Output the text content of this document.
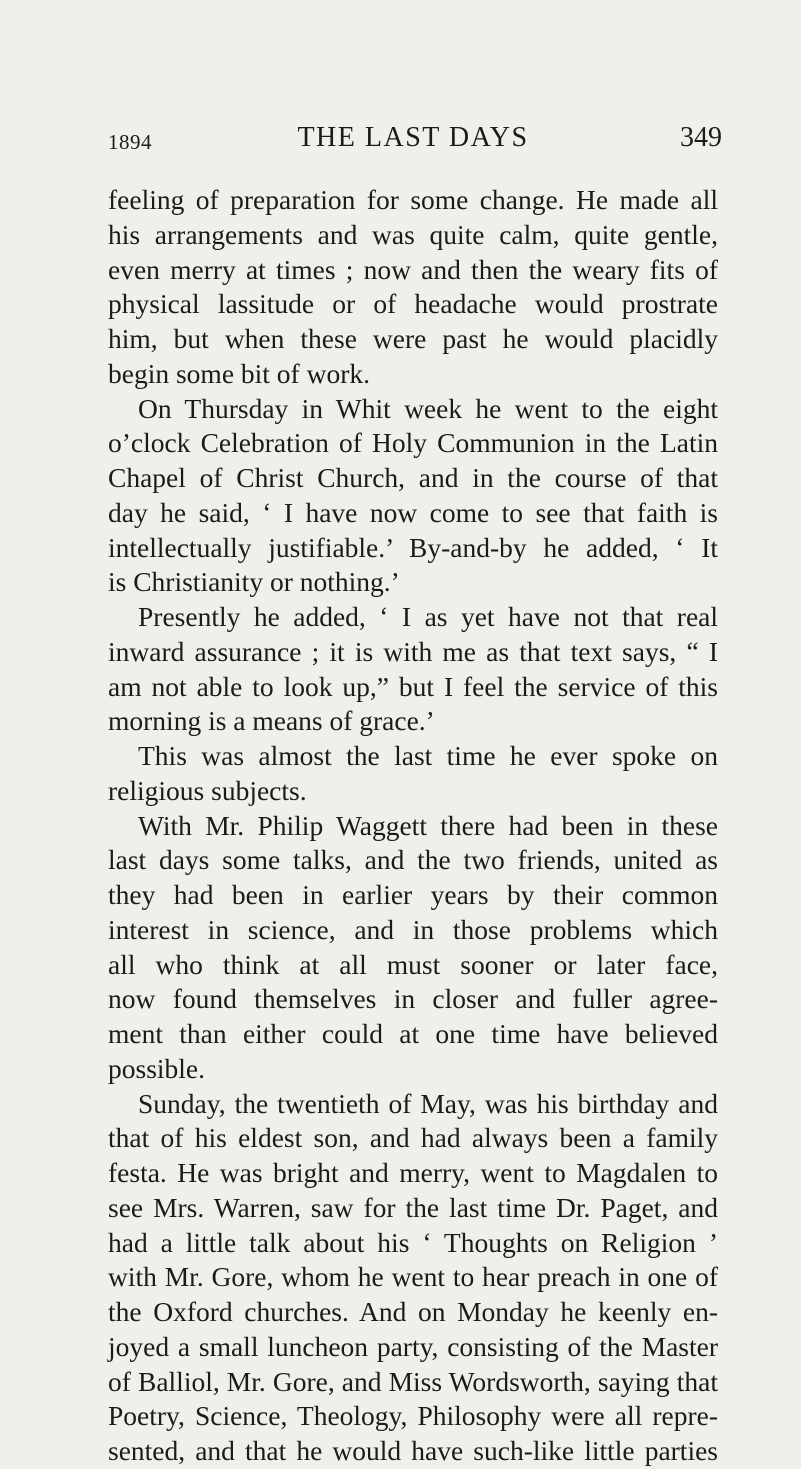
1894	THE LAST DAYS	349
feeling of preparation for some change. He made all
his arrangements and was quite calm, quite gentle,
even merry at times ; now and then the weary fits of
physical lassitude or of headache would prostrate
him, but when these were past he would placidly
begin some bit of work.
On Thursday in Whit week he went to the eight
o’clock Celebration of Holy Communion in the Latin
Chapel of Christ Church, and in the course of that
day he said, ‘ I have now come to see that faith is
intellectually justifiable.’ By-and-by he added, ‘ It
is Christianity or nothing.’
Presently he added, ‘ I as yet have not that real
inward assurance ; it is with me as that text says, “ I
am not able to look up,” but I feel the service of this
morning is a means of grace.’
This was almost the last time he ever spoke on
religious subjects.
With Mr. Philip Waggett there had been in these
last days some talks, and the two friends, united as
they had been in earlier years by their common
interest in science, and in those problems which
all who think at all must sooner or later face,
now found themselves in closer and fuller agree-
ment than either could at one time have believed
possible.
Sunday, the twentieth of May, was his birthday and
that of his eldest son, and had always been a family
festa. He was bright and merry, went to Magdalen to
see Mrs. Warren, saw for the last time Dr. Paget, and
had a little talk about his ‘ Thoughts on Religion ’
with Mr. Gore, whom he went to hear preach in one of
the Oxford churches. And on Monday he keenly en-
joyed a small luncheon party, consisting of the Master
of Balliol, Mr. Gore, and Miss Wordsworth, saying that
Poetry, Science, Theology, Philosophy were all repre-
sented, and that he would have such-like little parties
